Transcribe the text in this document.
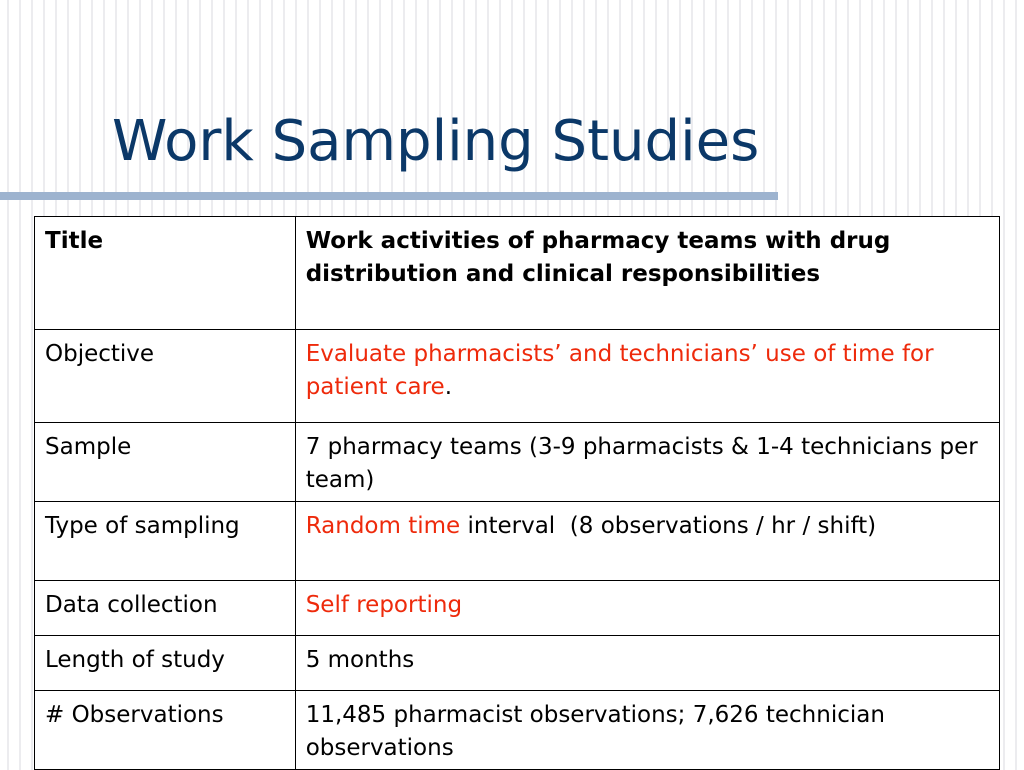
Work Sampling Studies
Title	Work activities of pharmacy teams with drug distribution and clinical responsibilities
Objective	Evaluate pharmacists’ and technicians’ use of time for patient care.
Sample	7 pharmacy teams (3-9 pharmacists & 1-4 technicians per team)
Type of sampling	Random time interval  (8 observations / hr / shift)
Data collection	Self reporting
Length of study	5 months
# Observations	11,485 pharmacist observations; 7,626 technician observations
